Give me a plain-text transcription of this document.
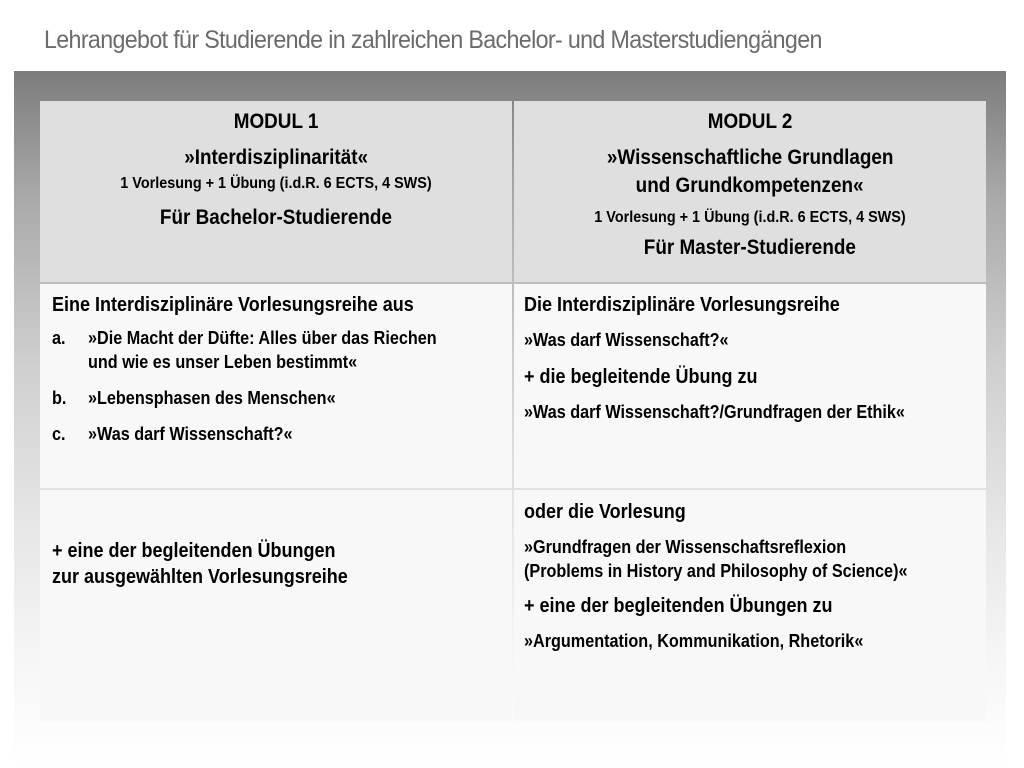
Lehrangebot für Studierende in zahlreichen Bachelor- und Masterstudiengängen
MODUL 1
»Interdisziplinarität«
1 Vorlesung + 1 Übung (i.d.R. 6 ECTS, 4 SWS)
Für Bachelor-Studierende
MODUL 2
»Wissenschaftliche Grundlagen
und Grundkompetenzen«
1 Vorlesung + 1 Übung (i.d.R. 6 ECTS, 4 SWS)
Für Master-Studierende
Eine Interdisziplinäre Vorlesungsreihe aus
a. »Die Macht der Düfte: Alles über das Riechen
und wie es unser Leben bestimmt«
b. »Lebensphasen des Menschen«
c. »Was darf Wissenschaft?«
Die Interdisziplinäre Vorlesungsreihe
»Was darf Wissenschaft?«
+ die begleitende Übung zu
»Was darf Wissenschaft?/Grundfragen der Ethik«
+ eine der begleitenden Übungen
zur ausgewählten Vorlesungsreihe
oder die Vorlesung
»Grundfragen der Wissenschaftsreflexion
(Problems in History and Philosophy of Science)«
+ eine der begleitenden Übungen zu
»Argumentation, Kommunikation, Rhetorik«
